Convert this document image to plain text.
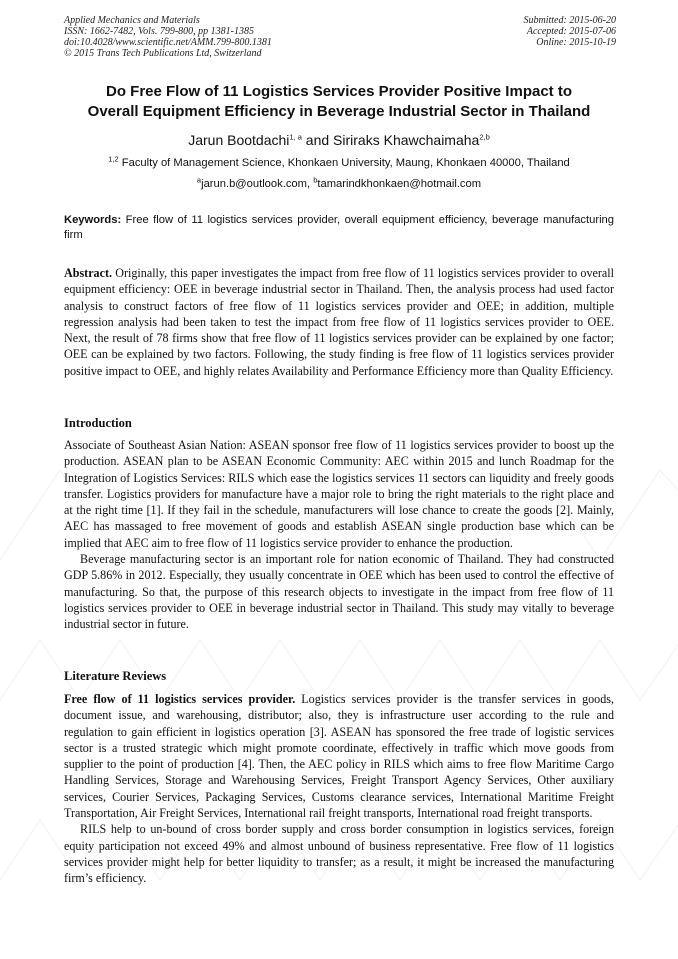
Applied Mechanics and Materials
ISSN: 1662-7482, Vols. 799-800, pp 1381-1385
doi:10.4028/www.scientific.net/AMM.799-800.1381
© 2015 Trans Tech Publications Ltd, Switzerland
Submitted: 2015-06-20
Accepted: 2015-07-06
Online: 2015-10-19
Do Free Flow of 11 Logistics Services Provider Positive Impact to
Overall Equipment Efficiency in Beverage Industrial Sector in Thailand
Jarun Bootdachi$^{1, a}$ and Siriraks Khawchaimaha$^{2,b}$
$^{1,2}$ Faculty of Management Science, Khonkaen University, Maung, Khonkaen 40000, Thailand
$^a$jarun.b@outlook.com, $^b$tamarindkhonkaen@hotmail.com
Keywords: Free flow of 11 logistics services provider, overall equipment efficiency, beverage manufacturing firm

Abstract. Originally, this paper investigates the impact from free flow of 11 logistics services provider to overall equipment efficiency: OEE in beverage industrial sector in Thailand. Then, the analysis process had used factor analysis to construct factors of free flow of 11 logistics services provider and OEE; in addition, multiple regression analysis had been taken to test the impact from free flow of 11 logistics services provider to OEE. Next, the result of 78 firms show that free flow of 11 logistics services provider can be explained by one factor; OEE can be explained by two factors. Following, the study finding is free flow of 11 logistics services provider positive impact to OEE, and highly relates Availability and Performance Efficiency more than Quality Efficiency.

Introduction

Associate of Southeast Asian Nation: ASEAN sponsor free flow of 11 logistics services provider to boost up the production. ASEAN plan to be ASEAN Economic Community: AEC within 2015 and lunch Roadmap for the Integration of Logistics Services: RILS which ease the logistics services 11 sectors can liquidity and freely goods transfer. Logistics providers for manufacture have a major role to bring the right materials to the right place and at the right time [1]. If they fail in the schedule, manufacturers will lose chance to create the goods [2]. Mainly, AEC has massaged to free movement of goods and establish ASEAN single production base which can be implied that AEC aim to free flow of 11 logistics service provider to enhance the production.

Beverage manufacturing sector is an important role for nation economic of Thailand. They had constructed GDP 5.86% in 2012. Especially, they usually concentrate in OEE which has been used to control the effective of manufacturing. So that, the purpose of this research objects to investigate in the impact from free flow of 11 logistics services provider to OEE in beverage industrial sector in Thailand. This study may vitally to beverage industrial sector in future.

Literature Reviews

Free flow of 11 logistics services provider. Logistics services provider is the transfer services in goods, document issue, and warehousing, distributor; also, they is infrastructure user according to the rule and regulation to gain efficient in logistics operation [3]. ASEAN has sponsored the free trade of logistic services sector is a trusted strategic which might promote coordinate, effectively in traffic which move goods from supplier to the point of production [4]. Then, the AEC policy in RILS which aims to free flow Maritime Cargo Handling Services, Storage and Warehousing Services, Freight Transport Agency Services, Other auxiliary services, Courier Services, Packaging Services, Customs clearance services, International Maritime Freight Transportation, Air Freight Services, International rail freight transports, International road freight transports.

RILS help to un-bound of cross border supply and cross border consumption in logistics services, foreign equity participation not exceed 49% and almost unbound of business representative. Free flow of 11 logistics services provider might help for better liquidity to transfer; as a result, it might be increased the manufacturing firm’s efficiency.
